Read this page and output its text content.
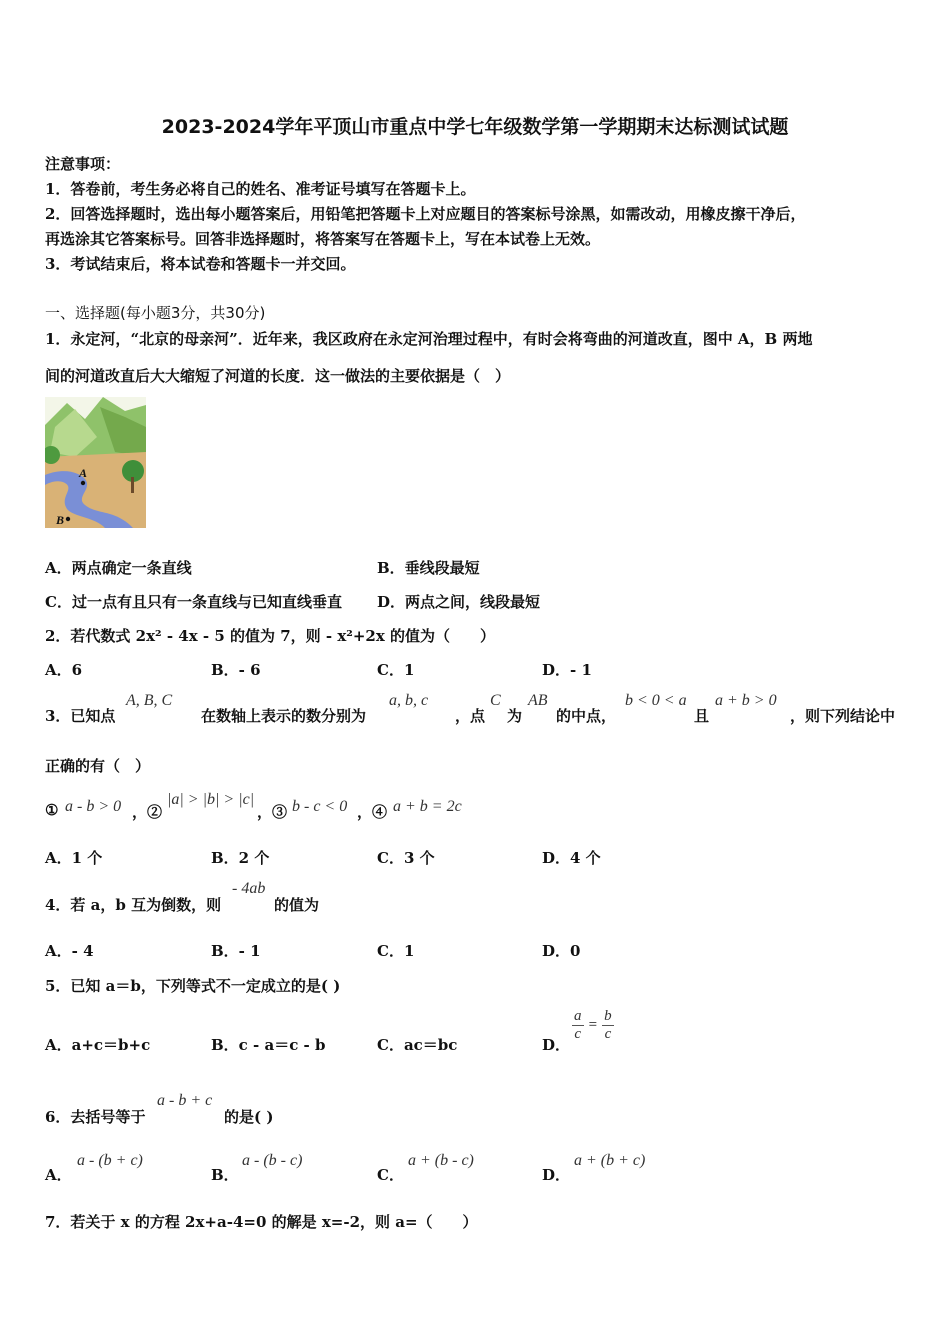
2023-2024学年平顶山市重点中学七年级数学第一学期期末达标测试试题
注意事项：
1．答卷前，考生务必将自己的姓名、准考证号填写在答题卡上。
2．回答选择题时，选出每小题答案后，用铅笔把答题卡上对应题目的答案标号涂黑，如需改动，用橡皮擦干净后，
再选涂其它答案标号。回答非选择题时，将答案写在答题卡上，写在本试卷上无效。
3．考试结束后，将本试卷和答题卡一并交回。
一、选择题(每小题3分，共30分)
1．永定河，“北京的母亲河”．近年来，我区政府在永定河治理过程中，有时会将弯曲的河道改直，图中 A，B 两地
间的河道改直后大大缩短了河道的长度．这一做法的主要依据是（　）
A
B
A．两点确定一条直线	B．垂线段最短
C．过一点有且只有一条直线与已知直线垂直 D．两点之间，线段最短
2．若代数式 2x² - 4x - 5 的值为 7，则 - x²+2x 的值为（　　）
A．6	B．- 6	C．1	D．- 1
3．已知点
A, B, C
在数轴上表示的数分别为
a, b, c
，点
C
为
AB
的中点，
b < 0 < a
且
a + b > 0
，则下列结论中
正确的有（　）
① a - b > 0 ，②
|a| > |b| > |c|
，③ b - c < 0 ，④ a + b = 2c
A．1 个	B．2 个	C．3 个	D．4 个
4．若 a，b 互为倒数，则
- 4ab
的值为
A．- 4	B．- 1	C．1	D．0
5．已知 a＝b，下列等式不一定成立的是( )
A．a+c＝b+c	B．c - a＝c - b	C．ac＝bc	D．
$\frac{a}{c} = \frac{b}{c}$
6．去括号等于
a - b + c
的是( )
A．
a - (b + c)
B．
a - (b - c)
C．
a + (b - c)
D．
a + (b + c)
7．若关于 x 的方程 2x+a-4=0 的解是 x=-2，则 a=（　　）
